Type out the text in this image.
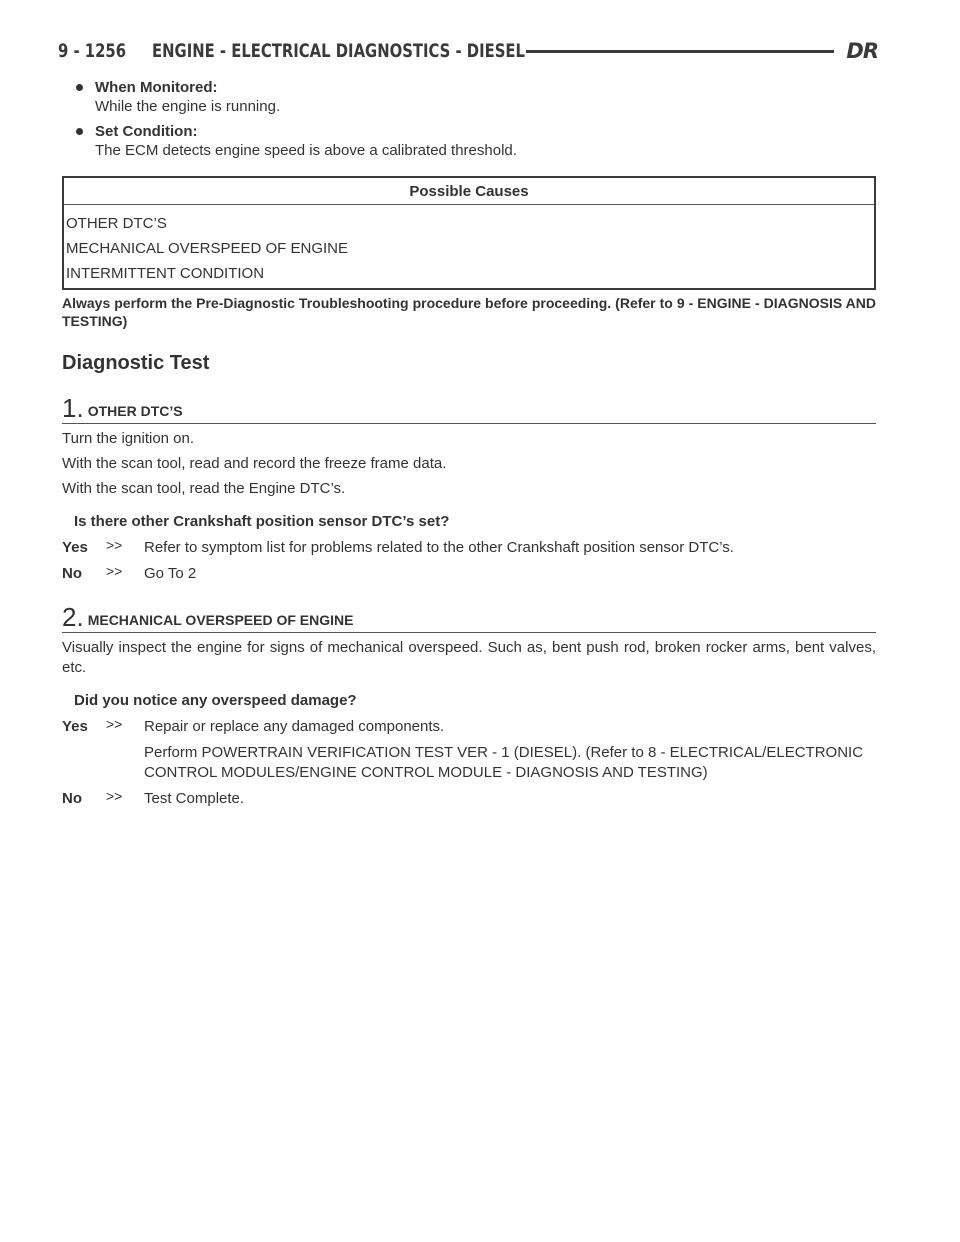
9 - 1256 ENGINE - ELECTRICAL DIAGNOSTICS - DIESEL	DR
When Monitored:
While the engine is running.
Set Condition:
The ECM detects engine speed is above a calibrated threshold.
Possible Causes
OTHER DTC’S
MECHANICAL OVERSPEED OF ENGINE
INTERMITTENT CONDITION
Always perform the Pre-Diagnostic Troubleshooting procedure before proceeding. (Refer to 9 - ENGINE - DIAGNOSIS AND TESTING)
Diagnostic Test
1. OTHER DTC’S
Turn the ignition on.
With the scan tool, read and record the freeze frame data.
With the scan tool, read the Engine DTC’s.
Is there other Crankshaft position sensor DTC’s set?
Yes	>>	Refer to symptom list for problems related to the other Crankshaft position sensor DTC’s.
No	>>	Go To 2
2. MECHANICAL OVERSPEED OF ENGINE
Visually inspect the engine for signs of mechanical overspeed. Such as, bent push rod, broken rocker arms, bent valves, etc.
Did you notice any overspeed damage?
Yes	>>	Repair or replace any damaged components.
Perform POWERTRAIN VERIFICATION TEST VER - 1 (DIESEL). (Refer to 8 - ELECTRICAL/ELECTRONIC CONTROL MODULES/ENGINE CONTROL MODULE - DIAGNOSIS AND TESTING)
No	>>	Test Complete.
